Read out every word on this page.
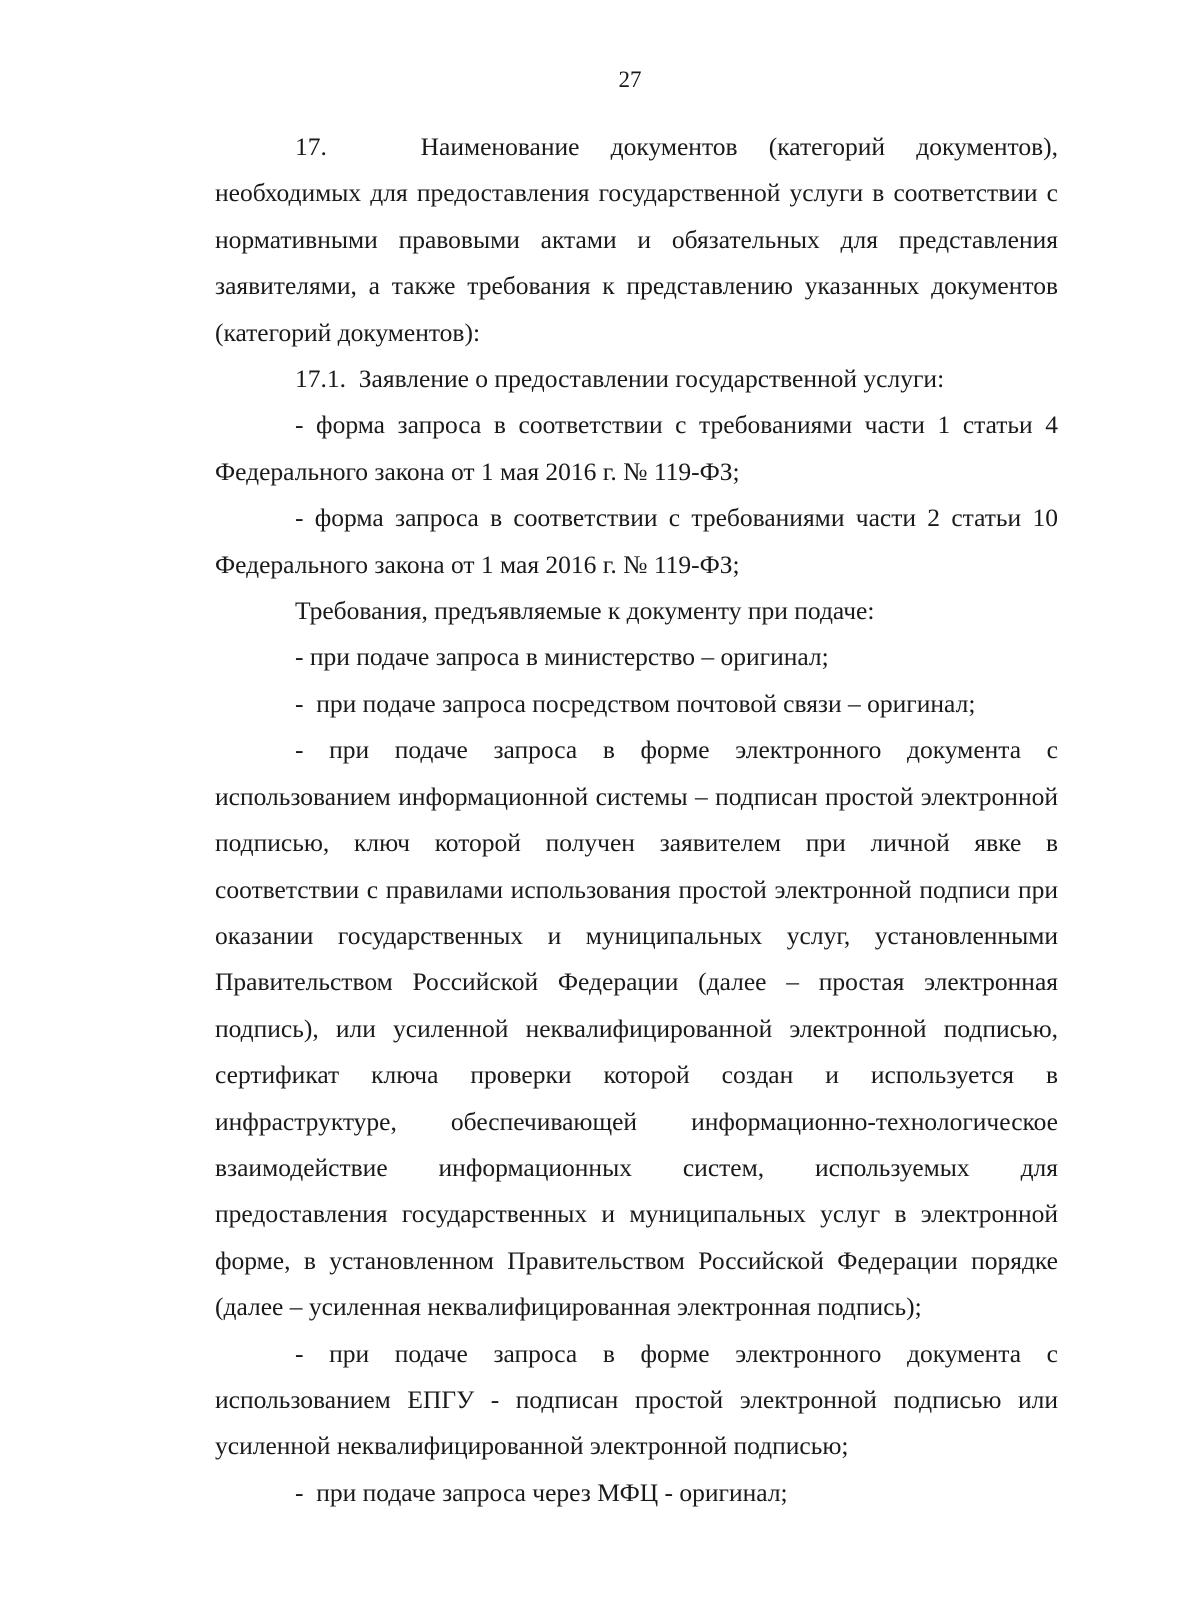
27

17.   Наименование документов (категорий документов), необходимых для предоставления государственной услуги в соответствии с нормативными правовыми актами и обязательных для представления заявителями, а также требования к представлению указанных документов (категорий документов):

17.1.  Заявление о предоставлении государственной услуги:

- форма запроса в соответствии с требованиями части 1 статьи 4 Федерального закона от 1 мая 2016 г. № 119-ФЗ;

- форма запроса в соответствии с требованиями части 2 статьи 10 Федерального закона от 1 мая 2016 г. № 119-ФЗ;

Требования, предъявляемые к документу при подаче:

- при подаче запроса в министерство – оригинал;

-  при подаче запроса посредством почтовой связи – оригинал;

- при подаче запроса в форме электронного документа с использованием информационной системы – подписан простой электронной подписью, ключ которой получен заявителем при личной явке в соответствии с правилами использования простой электронной подписи при оказании государственных и муниципальных услуг, установленными Правительством Российской Федерации (далее – простая электронная подпись), или усиленной неквалифицированной электронной подписью, сертификат ключа проверки которой создан и используется в инфраструктуре, обеспечивающей информационно-технологическое взаимодействие информационных систем, используемых для предоставления государственных и муниципальных услуг в электронной форме, в установленном Правительством Российской Федерации порядке (далее – усиленная неквалифицированная электронная подпись);

- при подаче запроса в форме электронного документа с использованием ЕПГУ - подписан простой электронной подписью или усиленной неквалифицированной электронной подписью;

-  при подаче запроса через МФЦ - оригинал;
